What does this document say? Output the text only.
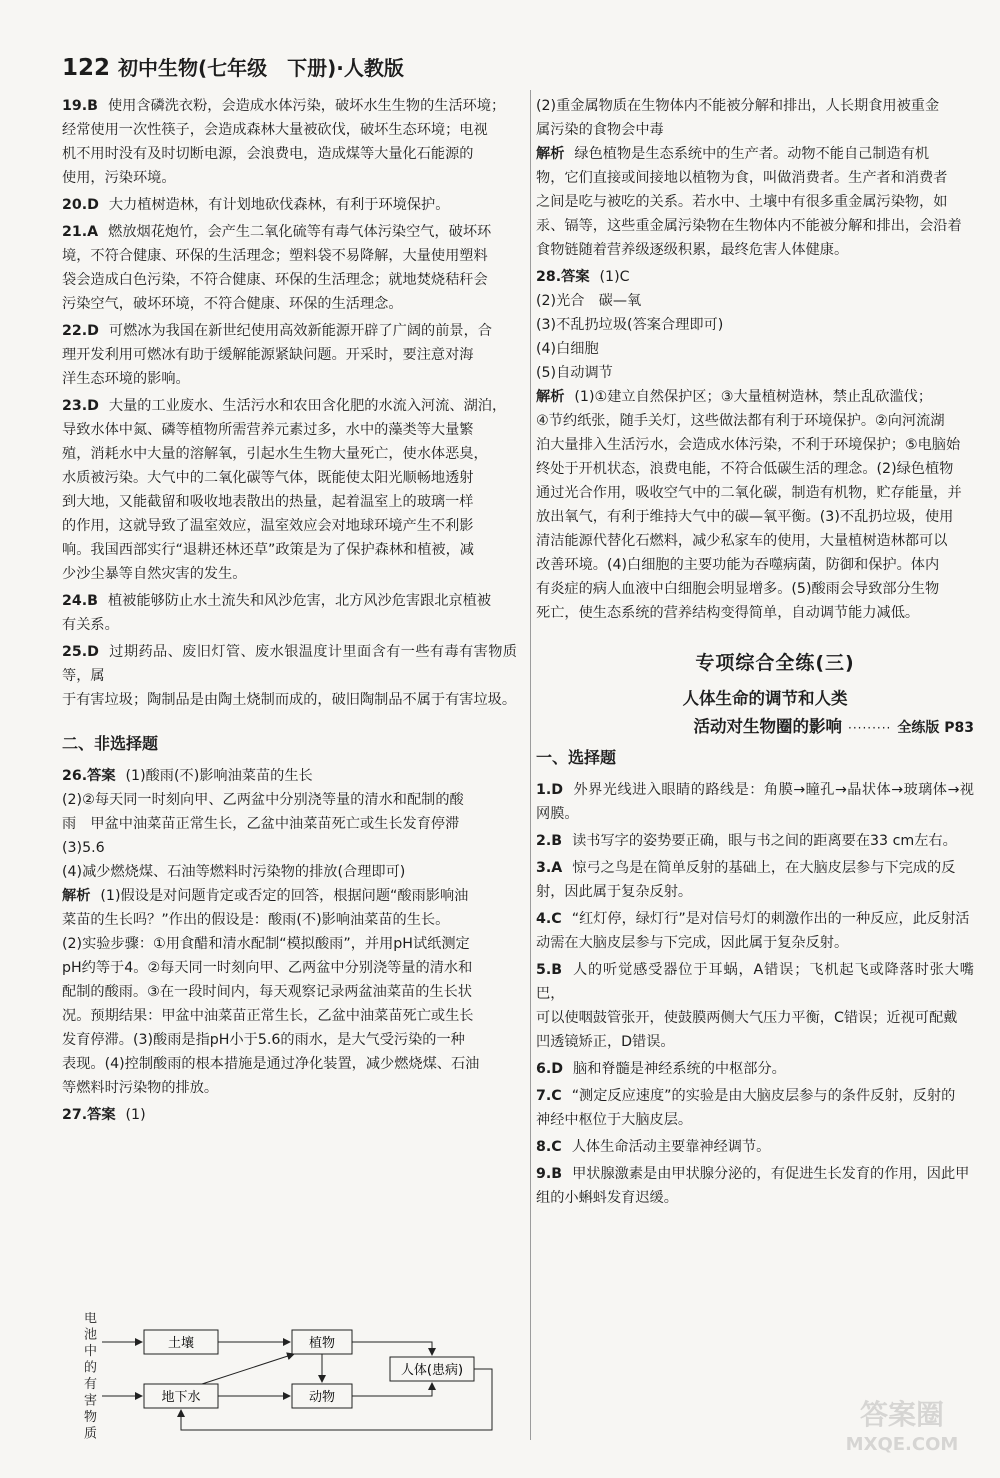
122 初中生物(七年级　下册)·人教版
19.B 使用含磷洗衣粉，会造成水体污染，破坏水生生物的生活环境；
经常使用一次性筷子，会造成森林大量被砍伐，破坏生态环境；电视
机不用时没有及时切断电源，会浪费电，造成煤等大量化石能源的
使用，污染环境。
20.D 大力植树造林，有计划地砍伐森林，有利于环境保护。
21.A 燃放烟花炮竹，会产生二氧化硫等有毒气体污染空气，破坏环
境，不符合健康、环保的生活理念；塑料袋不易降解，大量使用塑料
袋会造成白色污染，不符合健康、环保的生活理念；就地焚烧秸秆会
污染空气，破坏环境，不符合健康、环保的生活理念。
22.D 可燃冰为我国在新世纪使用高效新能源开辟了广阔的前景，合
理开发利用可燃冰有助于缓解能源紧缺问题。开采时，要注意对海
洋生态环境的影响。
23.D 大量的工业废水、生活污水和农田含化肥的水流入河流、湖泊，
导致水体中氮、磷等植物所需营养元素过多，水中的藻类等大量繁
殖，消耗水中大量的溶解氧，引起水生生物大量死亡，使水体恶臭，
水质被污染。大气中的二氧化碳等气体，既能使太阳光顺畅地透射
到大地，又能截留和吸收地表散出的热量，起着温室上的玻璃一样
的作用，这就导致了温室效应，温室效应会对地球环境产生不利影
响。我国西部实行“退耕还林还草”政策是为了保护森林和植被，减
少沙尘暴等自然灾害的发生。
24.B 植被能够防止水土流失和风沙危害，北方风沙危害跟北京植被
有关系。
25.D 过期药品、废旧灯管、废水银温度计里面含有一些有毒有害物质等，属
于有害垃圾；陶制品是由陶土烧制而成的，破旧陶制品不属于有害垃圾。
二、非选择题
26.答案 (1)酸雨(不)影响油菜苗的生长
(2)②每天同一时刻向甲、乙两盆中分别浇等量的清水和配制的酸
雨　甲盆中油菜苗正常生长，乙盆中油菜苗死亡或生长发育停滞
(3)5.6
(4)减少燃烧煤、石油等燃料时污染物的排放(合理即可)
解析 (1)假设是对问题肯定或否定的回答，根据问题“酸雨影响油
菜苗的生长吗？”作出的假设是：酸雨(不)影响油菜苗的生长。
(2)实验步骤：①用食醋和清水配制“模拟酸雨”，并用pH试纸测定
pH约等于4。②每天同一时刻向甲、乙两盆中分别浇等量的清水和
配制的酸雨。③在一段时间内，每天观察记录两盆油菜苗的生长状
况。预期结果：甲盆中油菜苗正常生长，乙盆中油菜苗死亡或生长
发育停滞。(3)酸雨是指pH小于5.6的雨水，是大气受污染的一种
表现。(4)控制酸雨的根本措施是通过净化装置，减少燃烧煤、石油
等燃料时污染物的排放。
27.答案 (1)
电池中的有害物质
土壤	植物
地下水	动物
人体(患病)
(2)重金属物质在生物体内不能被分解和排出，人长期食用被重金
属污染的食物会中毒
解析 绿色植物是生态系统中的生产者。动物不能自己制造有机
物，它们直接或间接地以植物为食，叫做消费者。生产者和消费者
之间是吃与被吃的关系。若水中、土壤中有很多重金属污染物，如
汞、镉等，这些重金属污染物在生物体内不能被分解和排出，会沿着
食物链随着营养级逐级积累，最终危害人体健康。
28.答案 (1)C
(2)光合　碳—氧
(3)不乱扔垃圾(答案合理即可)
(4)白细胞
(5)自动调节
解析 (1)①建立自然保护区；③大量植树造林，禁止乱砍滥伐；
④节约纸张，随手关灯，这些做法都有利于环境保护。②向河流湖
泊大量排入生活污水，会造成水体污染，不利于环境保护；⑤电脑始
终处于开机状态，浪费电能，不符合低碳生活的理念。(2)绿色植物
通过光合作用，吸收空气中的二氧化碳，制造有机物，贮存能量，并
放出氧气，有利于维持大气中的碳—氧平衡。(3)不乱扔垃圾，使用
清洁能源代替化石燃料，减少私家车的使用，大量植树造林都可以
改善环境。(4)白细胞的主要功能为吞噬病菌，防御和保护。体内
有炎症的病人血液中白细胞会明显增多。(5)酸雨会导致部分生物
死亡，使生态系统的营养结构变得简单，自动调节能力减低。
专项综合全练(三)
人体生命的调节和人类
活动对生物圈的影响 ········· 全练版 P83
一、选择题
1.D 外界光线进入眼睛的路线是：角膜→瞳孔→晶状体→玻璃体→视网膜。
2.B 读书写字的姿势要正确，眼与书之间的距离要在33 cm左右。
3.A 惊弓之鸟是在简单反射的基础上，在大脑皮层参与下完成的反
射，因此属于复杂反射。
4.C “红灯停，绿灯行”是对信号灯的刺激作出的一种反应，此反射活
动需在大脑皮层参与下完成，因此属于复杂反射。
5.B 人的听觉感受器位于耳蜗，A错误；飞机起飞或降落时张大嘴巴，
可以使咽鼓管张开，使鼓膜两侧大气压力平衡，C错误；近视可配戴
凹透镜矫正，D错误。
6.D 脑和脊髓是神经系统的中枢部分。
7.C “测定反应速度”的实验是由大脑皮层参与的条件反射，反射的
神经中枢位于大脑皮层。
8.C 人体生命活动主要靠神经调节。
9.B 甲状腺激素是由甲状腺分泌的，有促进生长发育的作用，因此甲
组的小蝌蚪发育迟缓。
答案圈
MXQE.COM
